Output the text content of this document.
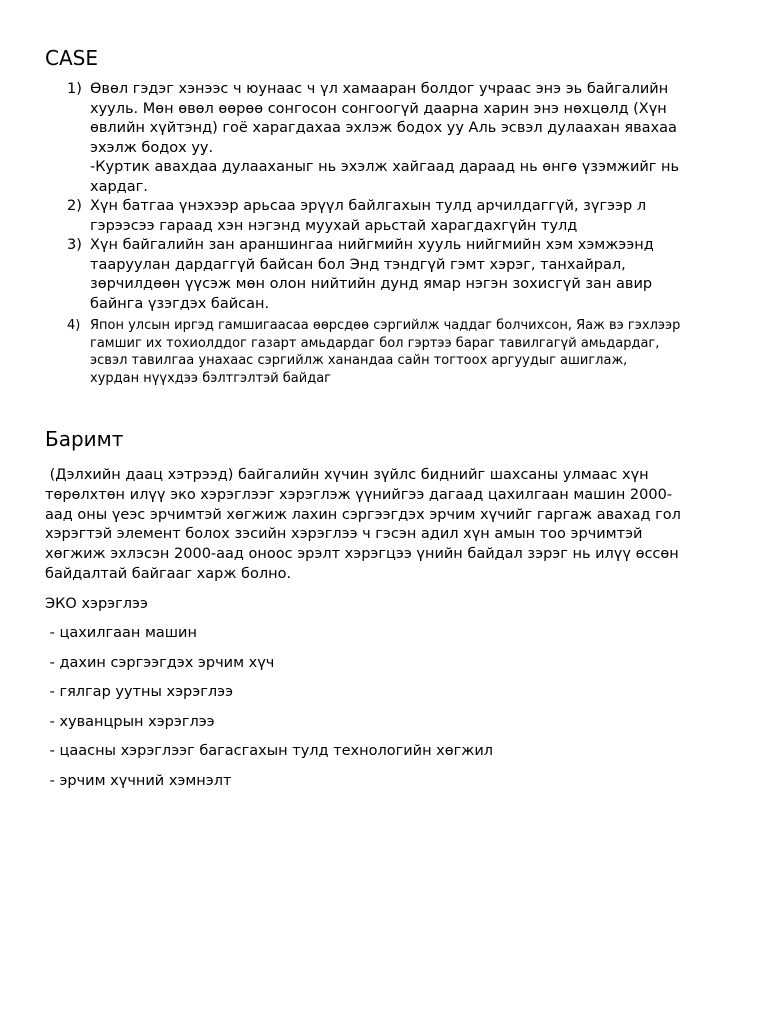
CASE
1) Өвөл гэдэг хэнээс ч юунаас ч үл хамааран болдог учраас энэ эь байгалийн
хууль. Мөн өвөл өөрөө сонгосон сонгоогүй даарна харин энэ нөхцөлд (Хүн
өвлийн хүйтэнд) гоё харагдахаа эхлэж бодох уу Аль эсвэл дулаахан явахаа
эхэлж бодох уу.
-Куртик авахдаа дулааханыг нь эхэлж хайгаад дараад нь өнгө үзэмжийг нь
хардаг.
2) Хүн батгаа үнэхээр арьсаа эрүүл байлгахын тулд арчилдаггүй, зүгээр л
гэрээсээ гараад хэн нэгэнд муухай арьстай харагдахгүйн тулд
3) Хүн байгалийн зан араншингаа нийгмийн хууль нийгмийн хэм хэмжээнд
тааруулан дардаггүй байсан бол Энд тэндгүй гэмт хэрэг, танхайрал,
зөрчилдөөн үүсэж мөн олон нийтийн дунд ямар нэгэн зохисгүй зан авир
байнга үзэгдэх байсан.
4) Япон улсын иргэд гамшигаасаа өөрсдөө сэргийлж чаддаг болчихсон, Яаж вэ гэхлээр
гамшиг их тохиолддог газарт амьдардаг бол гэртээ бараг тавилгагүй амьдардаг,
эсвэл тавилгаа унахаас сэргийлж ханандаа сайн тогтоох аргуудыг ашиглаж,
хурдан нүүхдээ бэлтгэлтэй байдаг
Баримт

(Дэлхийн даац хэтрээд) байгалийн хүчин зүйлс биднийг шахсаны улмаас хүн
төрөлхтөн илүү эко хэрэглээг хэрэглэж үүнийгээ дагаад цахилгаан машин 2000-
аад оны үеэс эрчимтэй хөгжиж лахин сэргээгдэх эрчим хүчийг гаргаж авахад гол
хэрэгтэй элемент болох зэсийн хэрэглээ ч гэсэн адил хүн амын тоо эрчимтэй
хөгжиж эхлэсэн 2000-аад оноос эрэлт хэрэгцээ үнийн байдал зэрэг нь илүү өссөн
байдалтай байгааг харж болно.

ЭКО хэрэглээ

- цахилгаан машин
- дахин сэргээгдэх эрчим хүч
- гялгар уутны хэрэглээ
- хуванцрын хэрэглээ
- цаасны хэрэглээг багасгахын тулд технологийн хөгжил
- эрчим хүчний хэмнэлт
